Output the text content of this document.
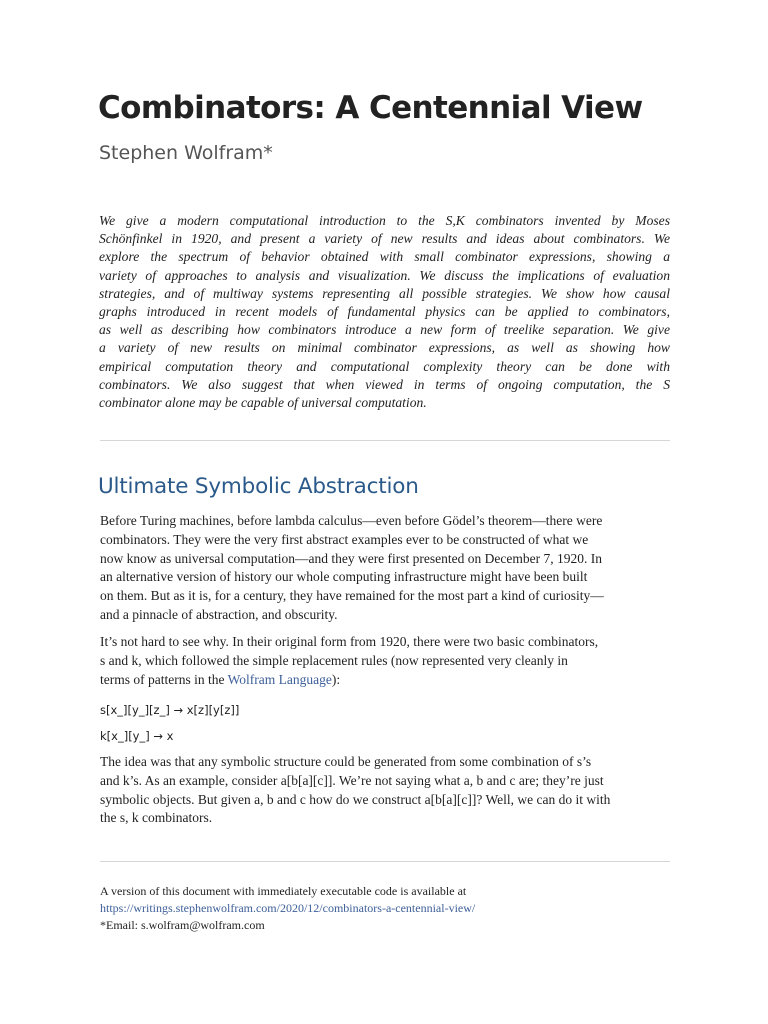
Combinators: A Centennial View
Stephen Wolfram*
We give a modern computational introduction to the S,K combinators invented by Moses
Schönfinkel in 1920, and present a variety of new results and ideas about combinators. We
explore the spectrum of behavior obtained with small combinator expressions, showing a
variety of approaches to analysis and visualization. We discuss the implications of evaluation
strategies, and of multiway systems representing all possible strategies. We show how causal
graphs introduced in recent models of fundamental physics can be applied to combinators,
as well as describing how combinators introduce a new form of treelike separation. We give
a variety of new results on minimal combinator expressions, as well as showing how
empirical computation theory and computational complexity theory can be done with
combinators. We also suggest that when viewed in terms of ongoing computation, the S
combinator alone may be capable of universal computation.
Ultimate Symbolic Abstraction
Before Turing machines, before lambda calculus—even before Gödel’s theorem—there were
combinators. They were the very first abstract examples ever to be constructed of what we
now know as universal computation—and they were first presented on December 7, 1920. In
an alternative version of history our whole computing infrastructure might have been built
on them. But as it is, for a century, they have remained for the most part a kind of curiosity—
and a pinnacle of abstraction, and obscurity.
It’s not hard to see why. In their original form from 1920, there were two basic combinators,
s and k, which followed the simple replacement rules (now represented very cleanly in
terms of patterns in the Wolfram Language):
s[x_][y_][z_] → x[z][y[z]]
k[x_][y_] → x
The idea was that any symbolic structure could be generated from some combination of s’s
and k’s. As an example, consider a[b[a][c]]. We’re not saying what a, b and c are; they’re just
symbolic objects. But given a, b and c how do we construct a[b[a][c]]? Well, we can do it with
the s, k combinators.
A version of this document with immediately executable code is available at
https://writings.stephenwolfram.com/2020/12/combinators-a-centennial-view/
*Email: s.wolfram@wolfram.com
